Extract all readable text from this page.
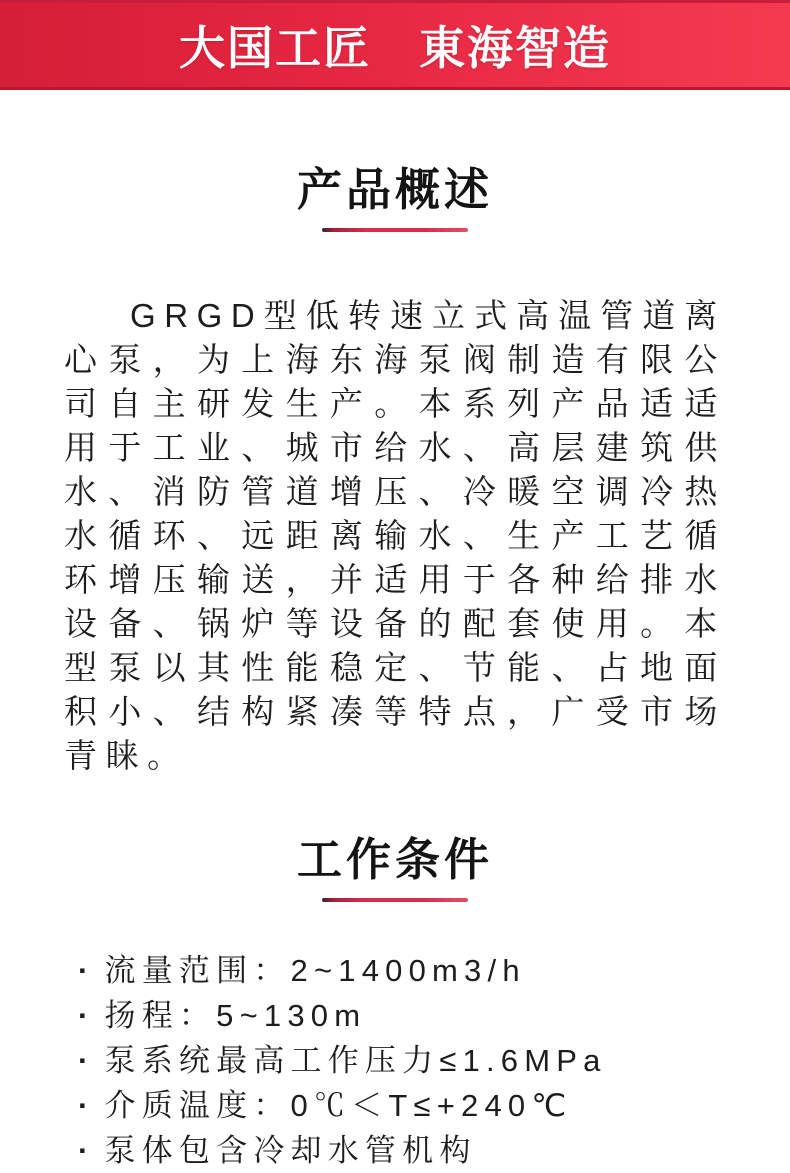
大国工匠　東海智造
产品概述

GRGD型低转速立式高温管道离心泵，为上海东海泵阀制造有限公司自主研发生产。本系列产品适适用于工业、城市给水、高层建筑供水、消防管道增压、冷暖空调冷热水循环、远距离输水、生产工艺循环增压输送，并适用于各种给排水设备、锅炉等设备的配套使用。本型泵以其性能稳定、节能、占地面积小、结构紧凑等特点，广受市场青睐。

工作条件
· 流量范围：2~1400m3/h
· 扬程：5~130m
· 泵系统最高工作压力≤1.6MPa
· 介质温度：0℃＜T≤+240℃
· 泵体包含冷却水管机构
